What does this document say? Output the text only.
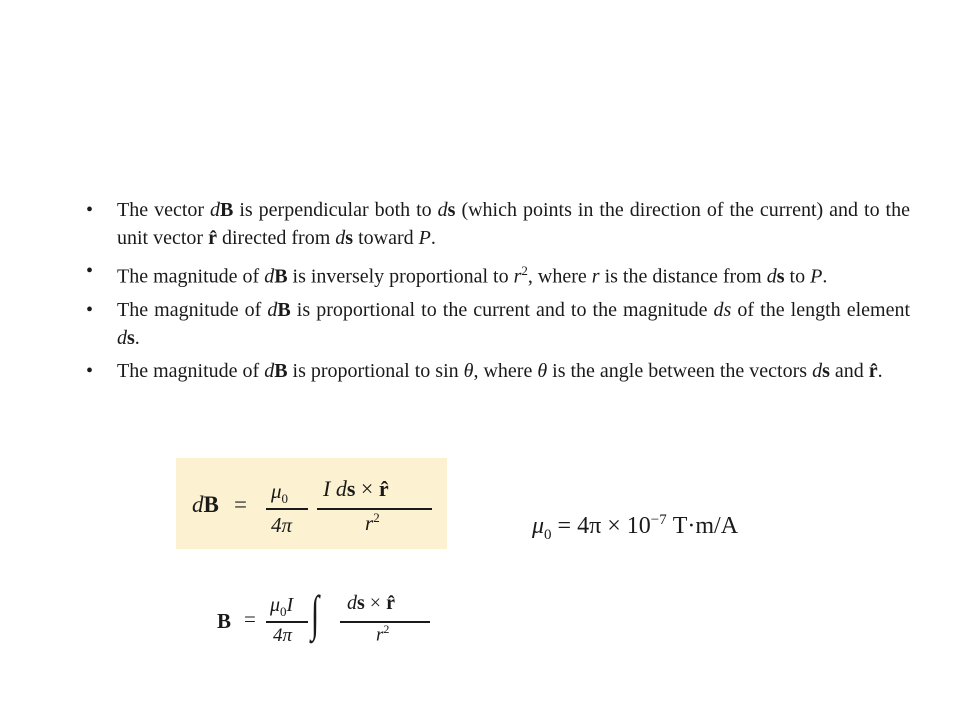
• The vector dB is perpendicular both to ds (which points in the direction of the current) and to the unit vector r̂ directed from ds toward P.
• The magnitude of dB is inversely proportional to $r^2$, where r is the distance from ds to P.
• The magnitude of dB is proportional to the current and to the magnitude ds of the length element ds.
• The magnitude of dB is proportional to sin θ, where θ is the angle between the vectors ds and r̂.
dB =
$\mu_0$
4π
I ds × r̂
$r^2$	$\mu_0 = 4\pi \times 10^{-7}$ T·m/A
B =
$\mu_0I$
4π ∫ ds × r̂
$r^2$
